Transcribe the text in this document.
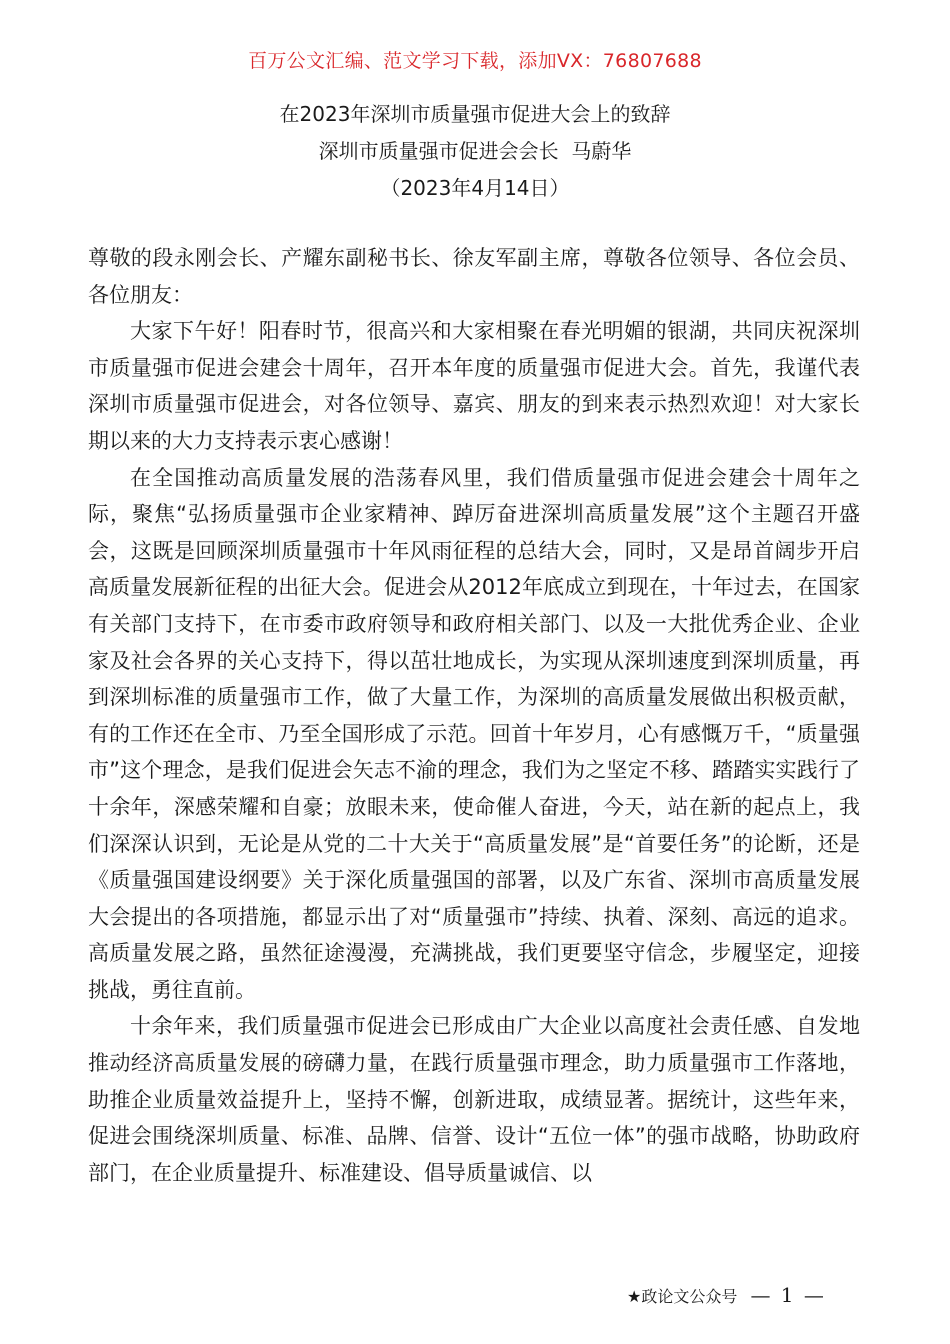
百万公文汇编、范文学习下载，添加VX：76807688
在2023年深圳市质量强市促进大会上的致辞
深圳市质量强市促进会会长  马蔚华
（2023年4月14日）

尊敬的段永刚会长、产耀东副秘书长、徐友军副主席，尊敬各位领导、各位会员、各位朋友：

大家下午好！阳春时节，很高兴和大家相聚在春光明媚的银湖，共同庆祝深圳市质量强市促进会建会十周年，召开本年度的质量强市促进大会。首先，我谨代表深圳市质量强市促进会，对各位领导、嘉宾、朋友的到来表示热烈欢迎！对大家长期以来的大力支持表示衷心感谢！

在全国推动高质量发展的浩荡春风里，我们借质量强市促进会建会十周年之际，聚焦“弘扬质量强市企业家精神、踔厉奋进深圳高质量发展”这个主题召开盛会，这既是回顾深圳质量强市十年风雨征程的总结大会，同时，又是昂首阔步开启高质量发展新征程的出征大会。促进会从2012年底成立到现在，十年过去，在国家有关部门支持下，在市委市政府领导和政府相关部门、以及一大批优秀企业、企业家及社会各界的关心支持下，得以茁壮地成长，为实现从深圳速度到深圳质量，再到深圳标准的质量强市工作，做了大量工作，为深圳的高质量发展做出积极贡献，有的工作还在全市、乃至全国形成了示范。回首十年岁月，心有感慨万千，“质量强市”这个理念，是我们促进会矢志不渝的理念，我们为之坚定不移、踏踏实实践行了十余年，深感荣耀和自豪；放眼未来，使命催人奋进，今天，站在新的起点上，我们深深认识到，无论是从党的二十大关于“高质量发展”是“首要任务”的论断，还是《质量强国建设纲要》关于深化质量强国的部署，以及广东省、深圳市高质量发展大会提出的各项措施，都显示出了对“质量强市”持续、执着、深刻、高远的追求。高质量发展之路，虽然征途漫漫，充满挑战，我们更要坚守信念，步履坚定，迎接挑战，勇往直前。

十余年来，我们质量强市促进会已形成由广大企业以高度社会责任感、自发地推动经济高质量发展的磅礴力量，在践行质量强市理念，助力质量强市工作落地，助推企业质量效益提升上，坚持不懈，创新进取，成绩显著。据统计，这些年来，促进会围绕深圳质量、标准、品牌、信誉、设计“五位一体”的强市战略，协助政府部门，在企业质量提升、标准建设、倡导质量诚信、以

★政论文公众号 — 1 —
